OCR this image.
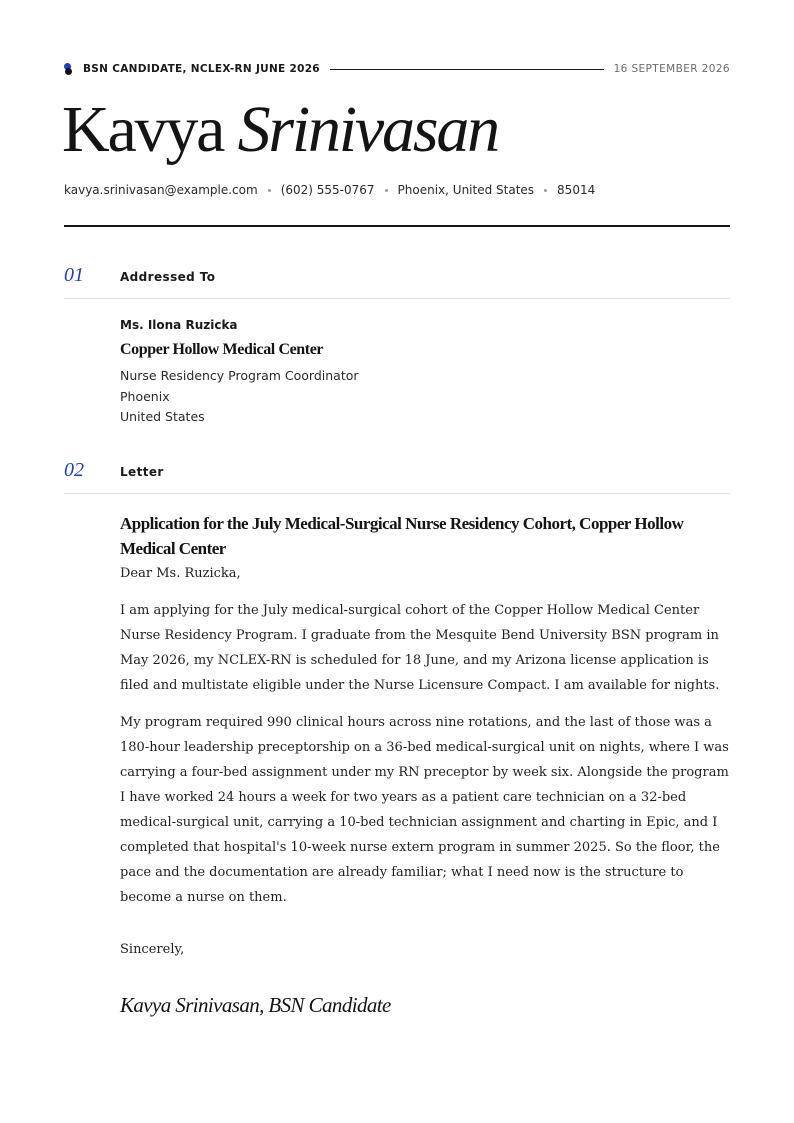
BSN CANDIDATE, NCLEX-RN JUNE 2026	16 SEPTEMBER 2026
Kavya Srinivasan
kavya.srinivasan@example.com (602) 555-0767 Phoenix, United States 85014
01	Addressed To
Ms. Ilona Ruzicka
Copper Hollow Medical Center
Nurse Residency Program Coordinator
Phoenix
United States
02	Letter
Application for the July Medical-Surgical Nurse Residency Cohort, Copper Hollow Medical Center
Dear Ms. Ruzicka,

I am applying for the July medical-surgical cohort of the Copper Hollow Medical Center Nurse Residency Program. I graduate from the Mesquite Bend University BSN program in May 2026, my NCLEX-RN is scheduled for 18 June, and my Arizona license application is filed and multistate eligible under the Nurse Licensure Compact. I am available for nights.

My program required 990 clinical hours across nine rotations, and the last of those was a 180-hour leadership preceptorship on a 36-bed medical-surgical unit on nights, where I was carrying a four-bed assignment under my RN preceptor by week six. Alongside the program I have worked 24 hours a week for two years as a patient care technician on a 32-bed medical-surgical unit, carrying a 10-bed technician assignment and charting in Epic, and I completed that hospital's 10-week nurse extern program in summer 2025. So the floor, the pace and the documentation are already familiar; what I need now is the structure to become a nurse on them.

Sincerely,
Kavya Srinivasan, BSN Candidate
